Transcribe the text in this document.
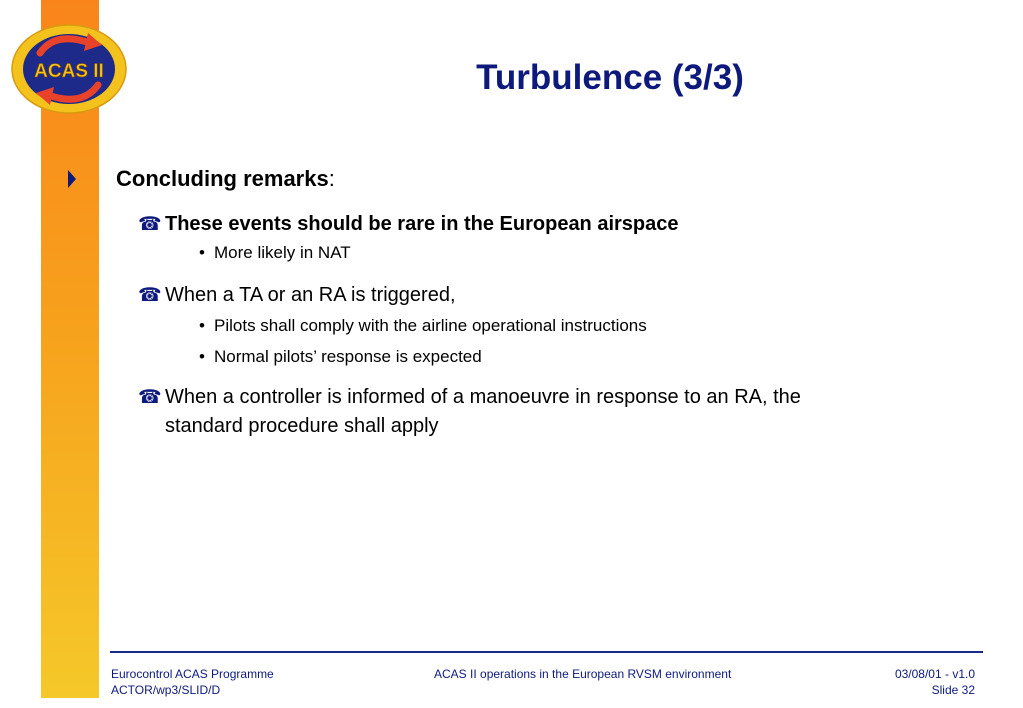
ACAS II	Turbulence (3/3)
Concluding remarks:
☎ These events should be rare in the European airspace
• More likely in NAT
☎ When a TA or an RA is triggered,
• Pilots shall comply with the airline operational instructions
• Normal pilots’ response is expected
☎ When a controller is informed of a manoeuvre in response to an RA, the
standard procedure shall apply
Eurocontrol ACAS Programme
ACTOR/wp3/SLID/D
ACAS II operations in the European RVSM environment	03/08/01 - v1.0
Slide 32
